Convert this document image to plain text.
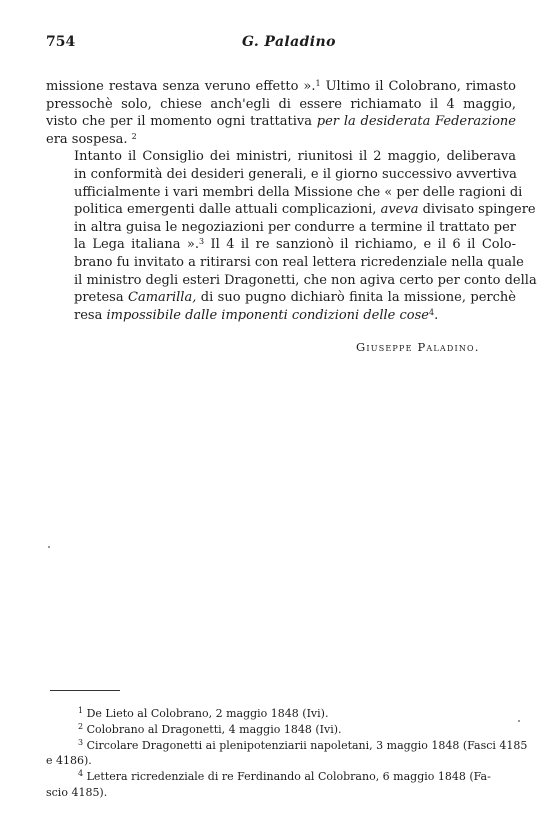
754	G. Paladino

missione restava senza veruno effetto ».$^1$ Ultimo il Colobrano, rimasto
pressochè solo, chiese anch'egli di essere richiamato il 4 maggio,
visto che per il momento ogni trattativa per la desiderata Federazione
era sospesa. $^2$

Intanto il Consiglio dei ministri, riunitosi il 2 maggio, deliberava
in conformità dei desideri generali, e il giorno successivo avvertiva
ufficialmente i vari membri della Missione che « per delle ragioni di
politica emergenti dalle attuali complicazioni, aveva divisato spingere
in altra guisa le negoziazioni per condurre a termine il trattato per
la Lega italiana ».$^3$ Il 4 il re sanzionò il richiamo, e il 6 il Colo-
brano fu invitato a ritirarsi con real lettera ricredenziale nella quale
il ministro degli esteri Dragonetti, che non agiva certo per conto della
pretesa Camarilla, di suo pugno dichiarò finita la missione, perchè
resa impossibile dalle imponenti condizioni delle cose$^4$.

Giuseppe Paladino.
$^1$ De Lieto al Colobrano, 2 maggio 1848 (Ivi).
$^2$ Colobrano al Dragonetti, 4 maggio 1848 (Ivi).
$^3$ Circolare Dragonetti ai plenipotenziarii napoletani, 3 maggio 1848 (Fasci 4185
e 4186).
$^4$ Lettera ricredenziale di re Ferdinando al Colobrano, 6 maggio 1848 (Fa-
scio 4185).
